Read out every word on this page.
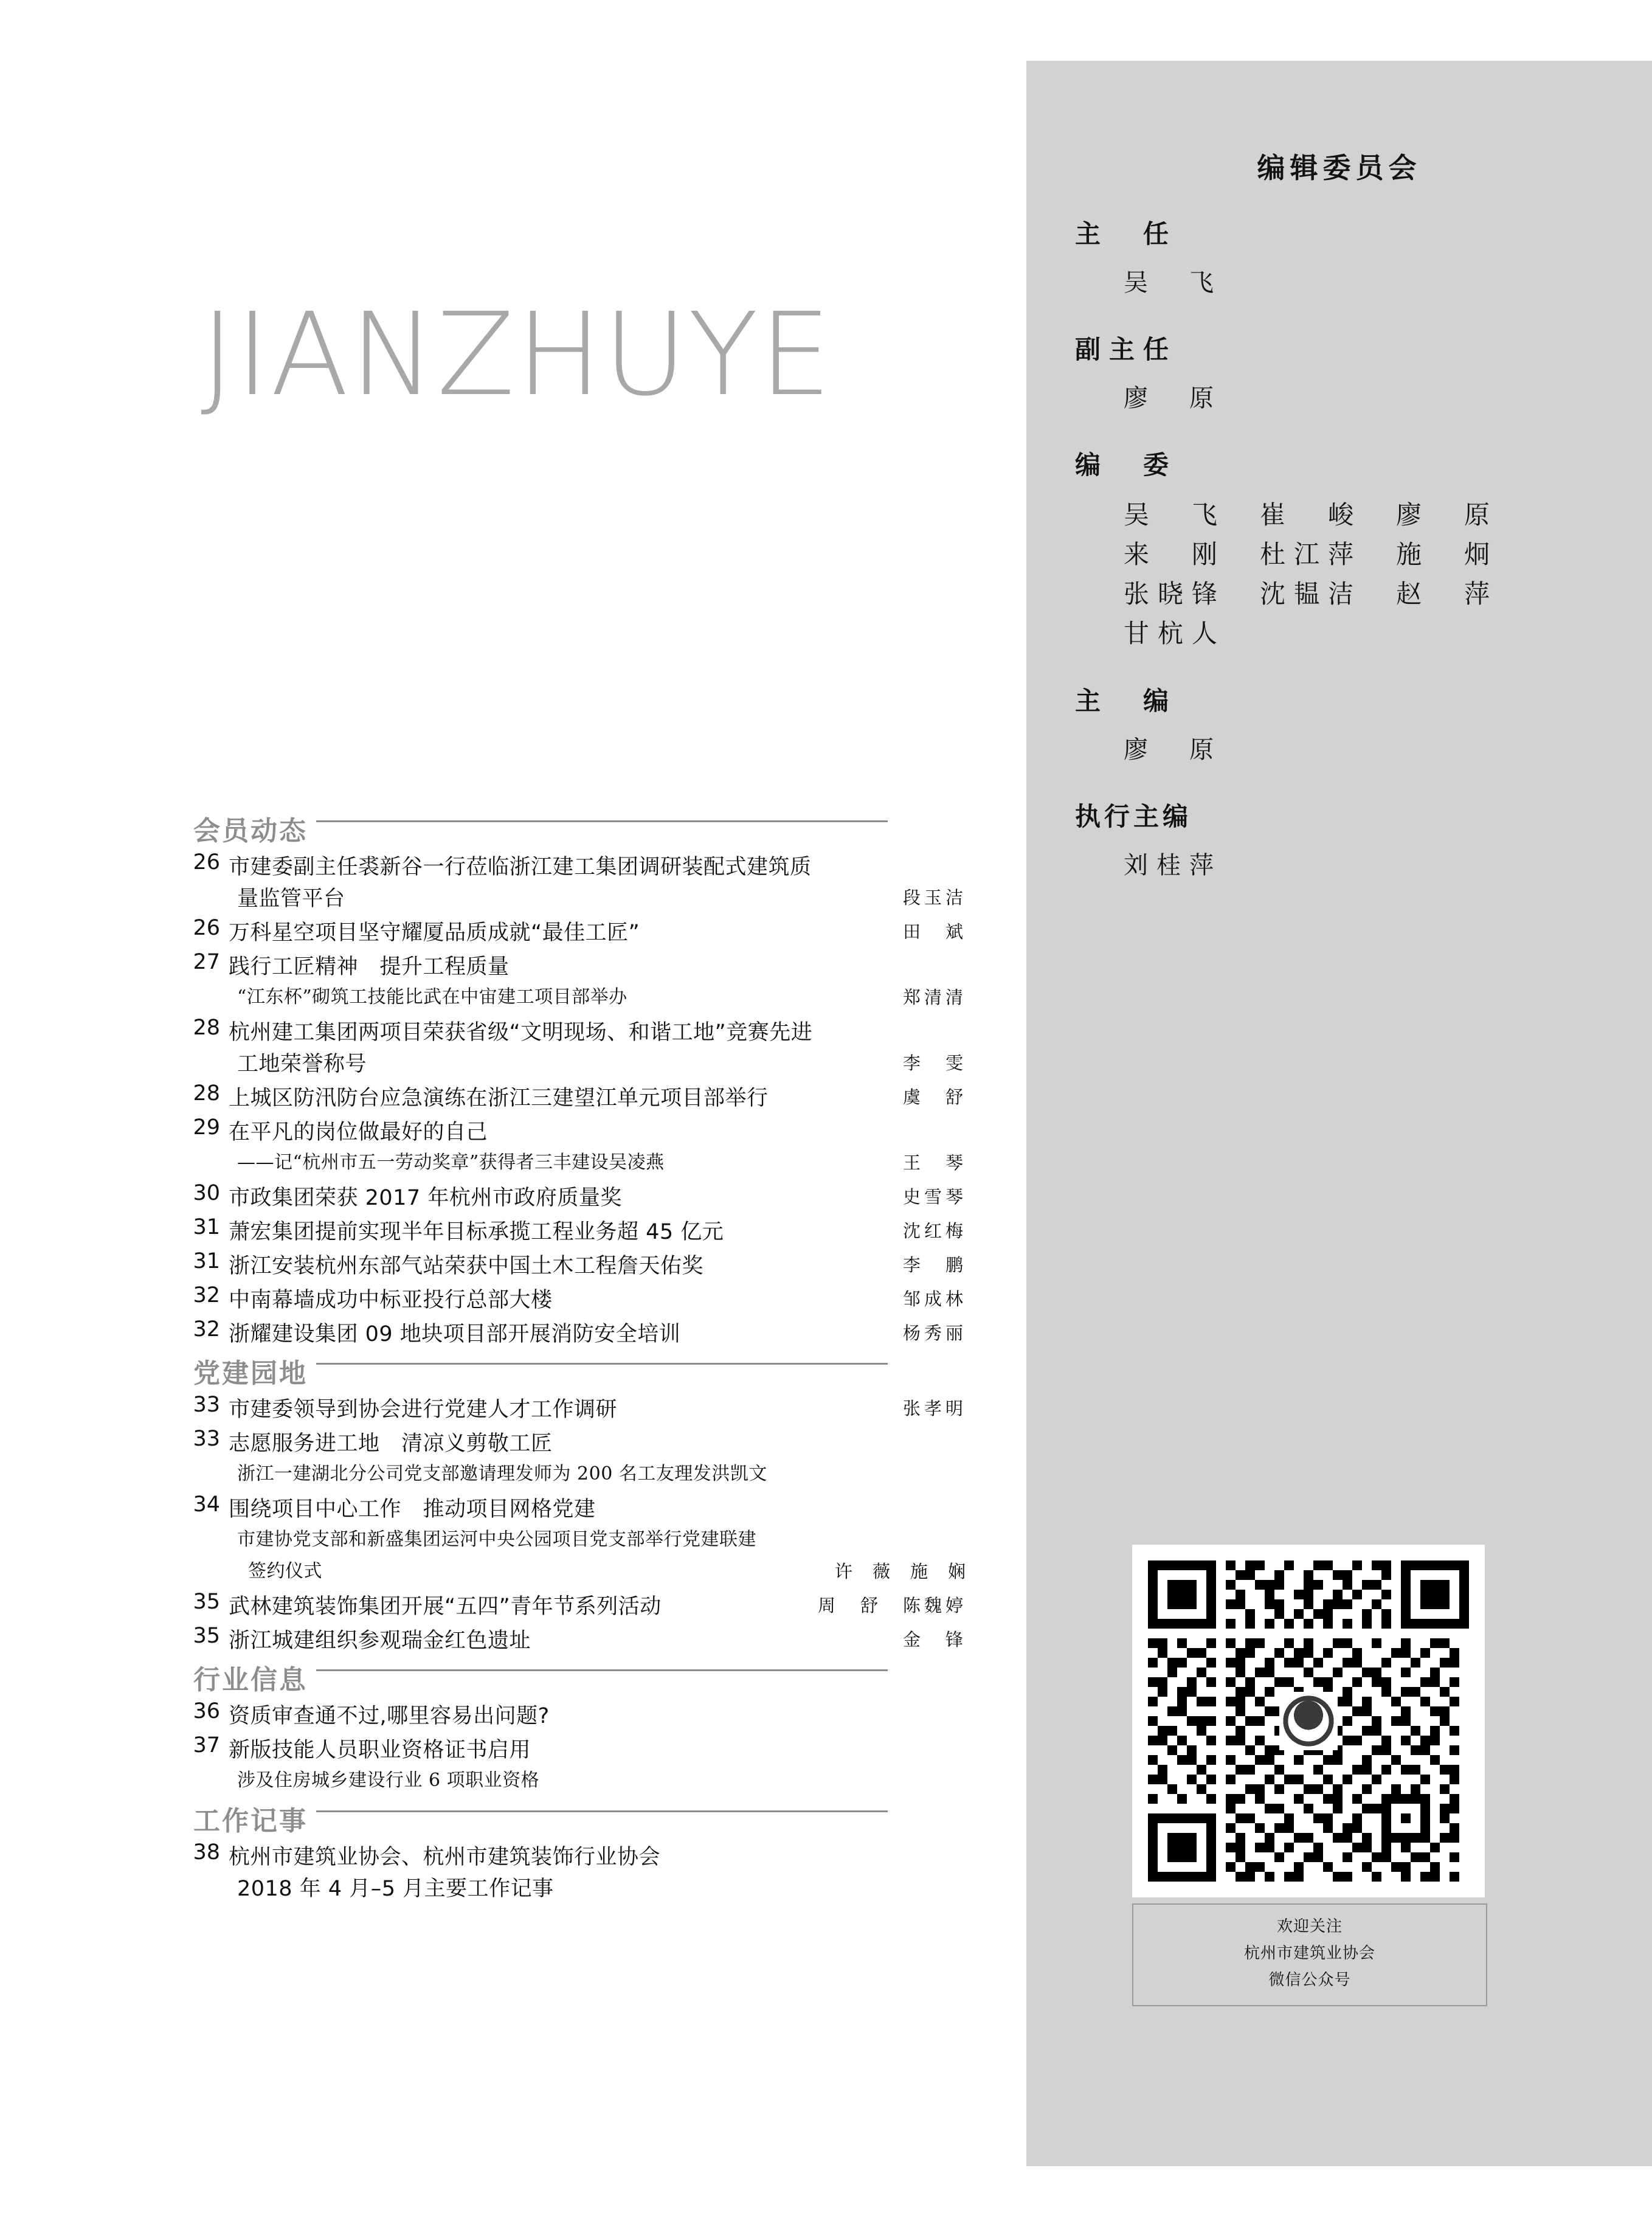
JIANZHUYE
会员动态
26 市建委副主任裘新谷一行莅临浙江建工集团调研装配式建筑质
量监管平台	段玉洁
26 万科星空项目坚守耀厦品质成就“最佳工匠”	田　斌
27 践行工匠精神　提升工程质量
“江东杯”砌筑工技能比武在中宙建工项目部举办	郑清清
28 杭州建工集团两项目荣获省级“文明现场、和谐工地”竞赛先进
工地荣誉称号	李　雯
28 上城区防汛防台应急演练在浙江三建望江单元项目部举行	虞　舒
29 在平凡的岗位做最好的自己
——记“杭州市五一劳动奖章”获得者三丰建设吴凌燕	王　琴
30 市政集团荣获 2017 年杭州市政府质量奖	史雪琴
31 萧宏集团提前实现半年目标承揽工程业务超 45 亿元	沈红梅
31 浙江安装杭州东部气站荣获中国土木工程詹天佑奖	李　鹏
32 中南幕墙成功中标亚投行总部大楼	邹成林
32 浙耀建设集团 09 地块项目部开展消防安全培训	杨秀丽
党建园地
33 市建委领导到协会进行党建人才工作调研	张孝明
33 志愿服务进工地　清凉义剪敬工匠
浙江一建湖北分公司党支部邀请理发师为 200 名工友理发洪凯文
34 围绕项目中心工作　推动项目网格党建
市建协党支部和新盛集团运河中央公园项目党支部举行党建联建
签约仪式	许　薇　施　娴
35 武林建筑装饰集团开展“五四”青年节系列活动	周　舒　陈魏婷
35 浙江城建组织参观瑞金红色遗址	金　锋
行业信息
36 资质审查通不过,哪里容易出问题?
37 新版技能人员职业资格证书启用
涉及住房城乡建设行业 6 项职业资格
工作记事
38 杭州市建筑业协会、杭州市建筑装饰行业协会
2018 年 4 月–5 月主要工作记事
编辑委员会
主　任
吴　飞
副主任
廖　原
编　委
吴　飞　崔　峻　廖　原
来　刚　杜江萍　施　炯
张晓锋　沈韫洁　赵　萍
甘杭人
主　编
廖　原
执行主编
刘桂萍
欢迎关注
杭州市建筑业协会
微信公众号
